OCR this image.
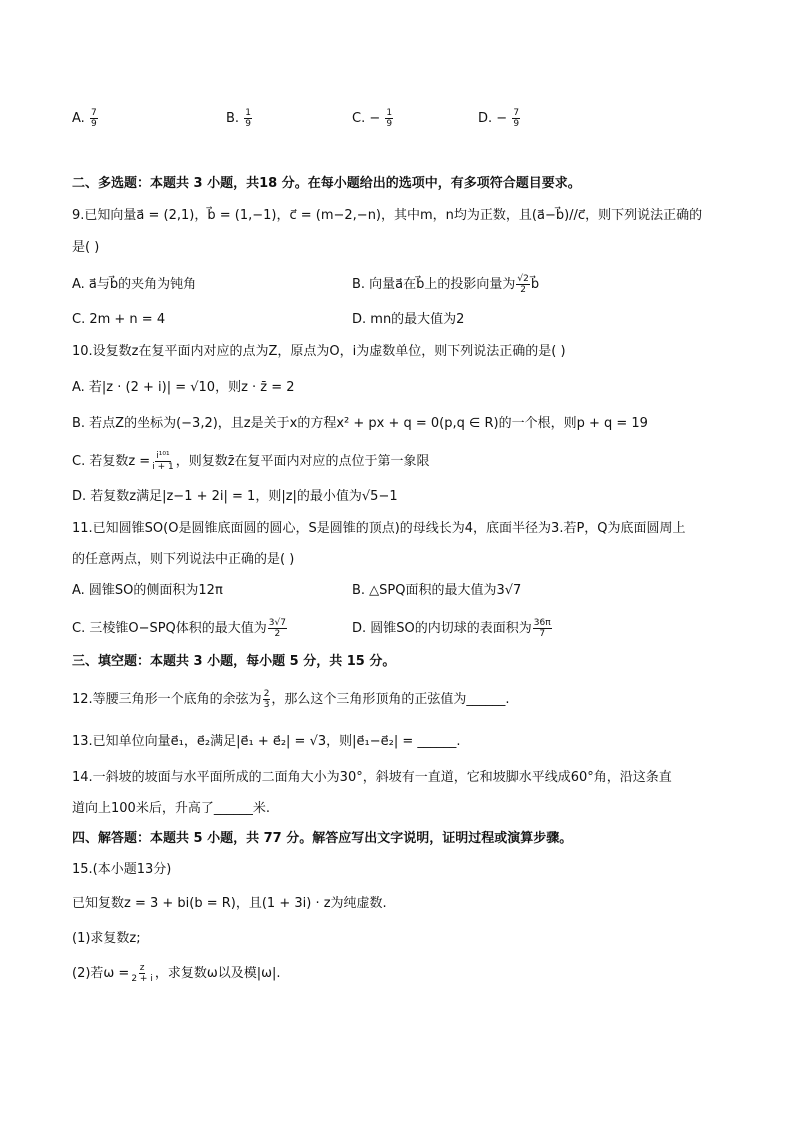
A. $\frac{7}{9}$	B. $\frac{1}{9}$	C. − $\frac{1}{9}$	D. − $\frac{7}{9}$
二、多选题：本题共 3 小题，共18 分。在每小题给出的选项中，有多项符合题目要求。
9.已知向量a⃗ = (2,1)，b⃗ = (1,−1)，c⃗ = (m−2,−n)，其中m，n均为正数，且(a⃗−b⃗)//c⃗，则下列说法正确的
是( )
A. a⃗与b⃗的夹角为钝角	B. 向量a⃗在b⃗上的投影向量为 $\frac{√2}{2}$ b⃗
C. 2m + n = 4	D. mn的最大值为2
10.设复数z在复平面内对应的点为Z，原点为O，i为虚数单位，则下列说法正确的是( )
A. 若|z · (2 + i)| = √10，则z · z̄ = 2
B. 若点Z的坐标为(−3,2)，且z是关于x的方程x² + px + q = 0(p,q ∈ R)的一个根，则p + q = 19
C. 若复数$z = \frac{\text{i¹⁰¹}}{i + 1}$ ，则复数z̄在复平面内对应的点位于第一象限
D. 若复数z满足|z−1 + 2i| = 1，则|z|的最小值为√5−1
11.已知圆锥SO(O是圆锥底面圆的圆心，S是圆锥的顶点)的母线长为4，底面半径为3.若P，Q为底面圆周上
的任意两点，则下列说法中正确的是( )
A. 圆锥SO的侧面积为12π	B. △SPQ面积的最大值为3√7
C. 三棱锥O−SPQ体积的最大值为 $\frac{3√7}{2}$	D. 圆锥SO的内切球的表面积为 $\frac{36\pi}{7}$
三、填空题：本题共 3 小题，每小题 5 分，共 15 分。
12.等腰三角形一个底角的余弦为 $\frac{2}{3}$ ，那么这个三角形顶角的正弦值为______.
13.已知单位向量e⃗₁，e⃗₂满足|e⃗₁ + e⃗₂| = √3，则|e⃗₁−e⃗₂| = ______.
14.一斜坡的坡面与水平面所成的二面角大小为30°，斜坡有一直道，它和坡脚水平线成60°角，沿这条直
道向上100米后，升高了______米.
四、解答题：本题共 5 小题，共 77 分。解答应写出文字说明，证明过程或演算步骤。
15.(本小题13分)
已知复数z = 3 + bi(b = R)，且(1 + 3i) · z为纯虚数.
(1)求复数z;
(2)若$\omega = \frac{z}{2 + i}$ ，求复数ω以及模|ω|.
